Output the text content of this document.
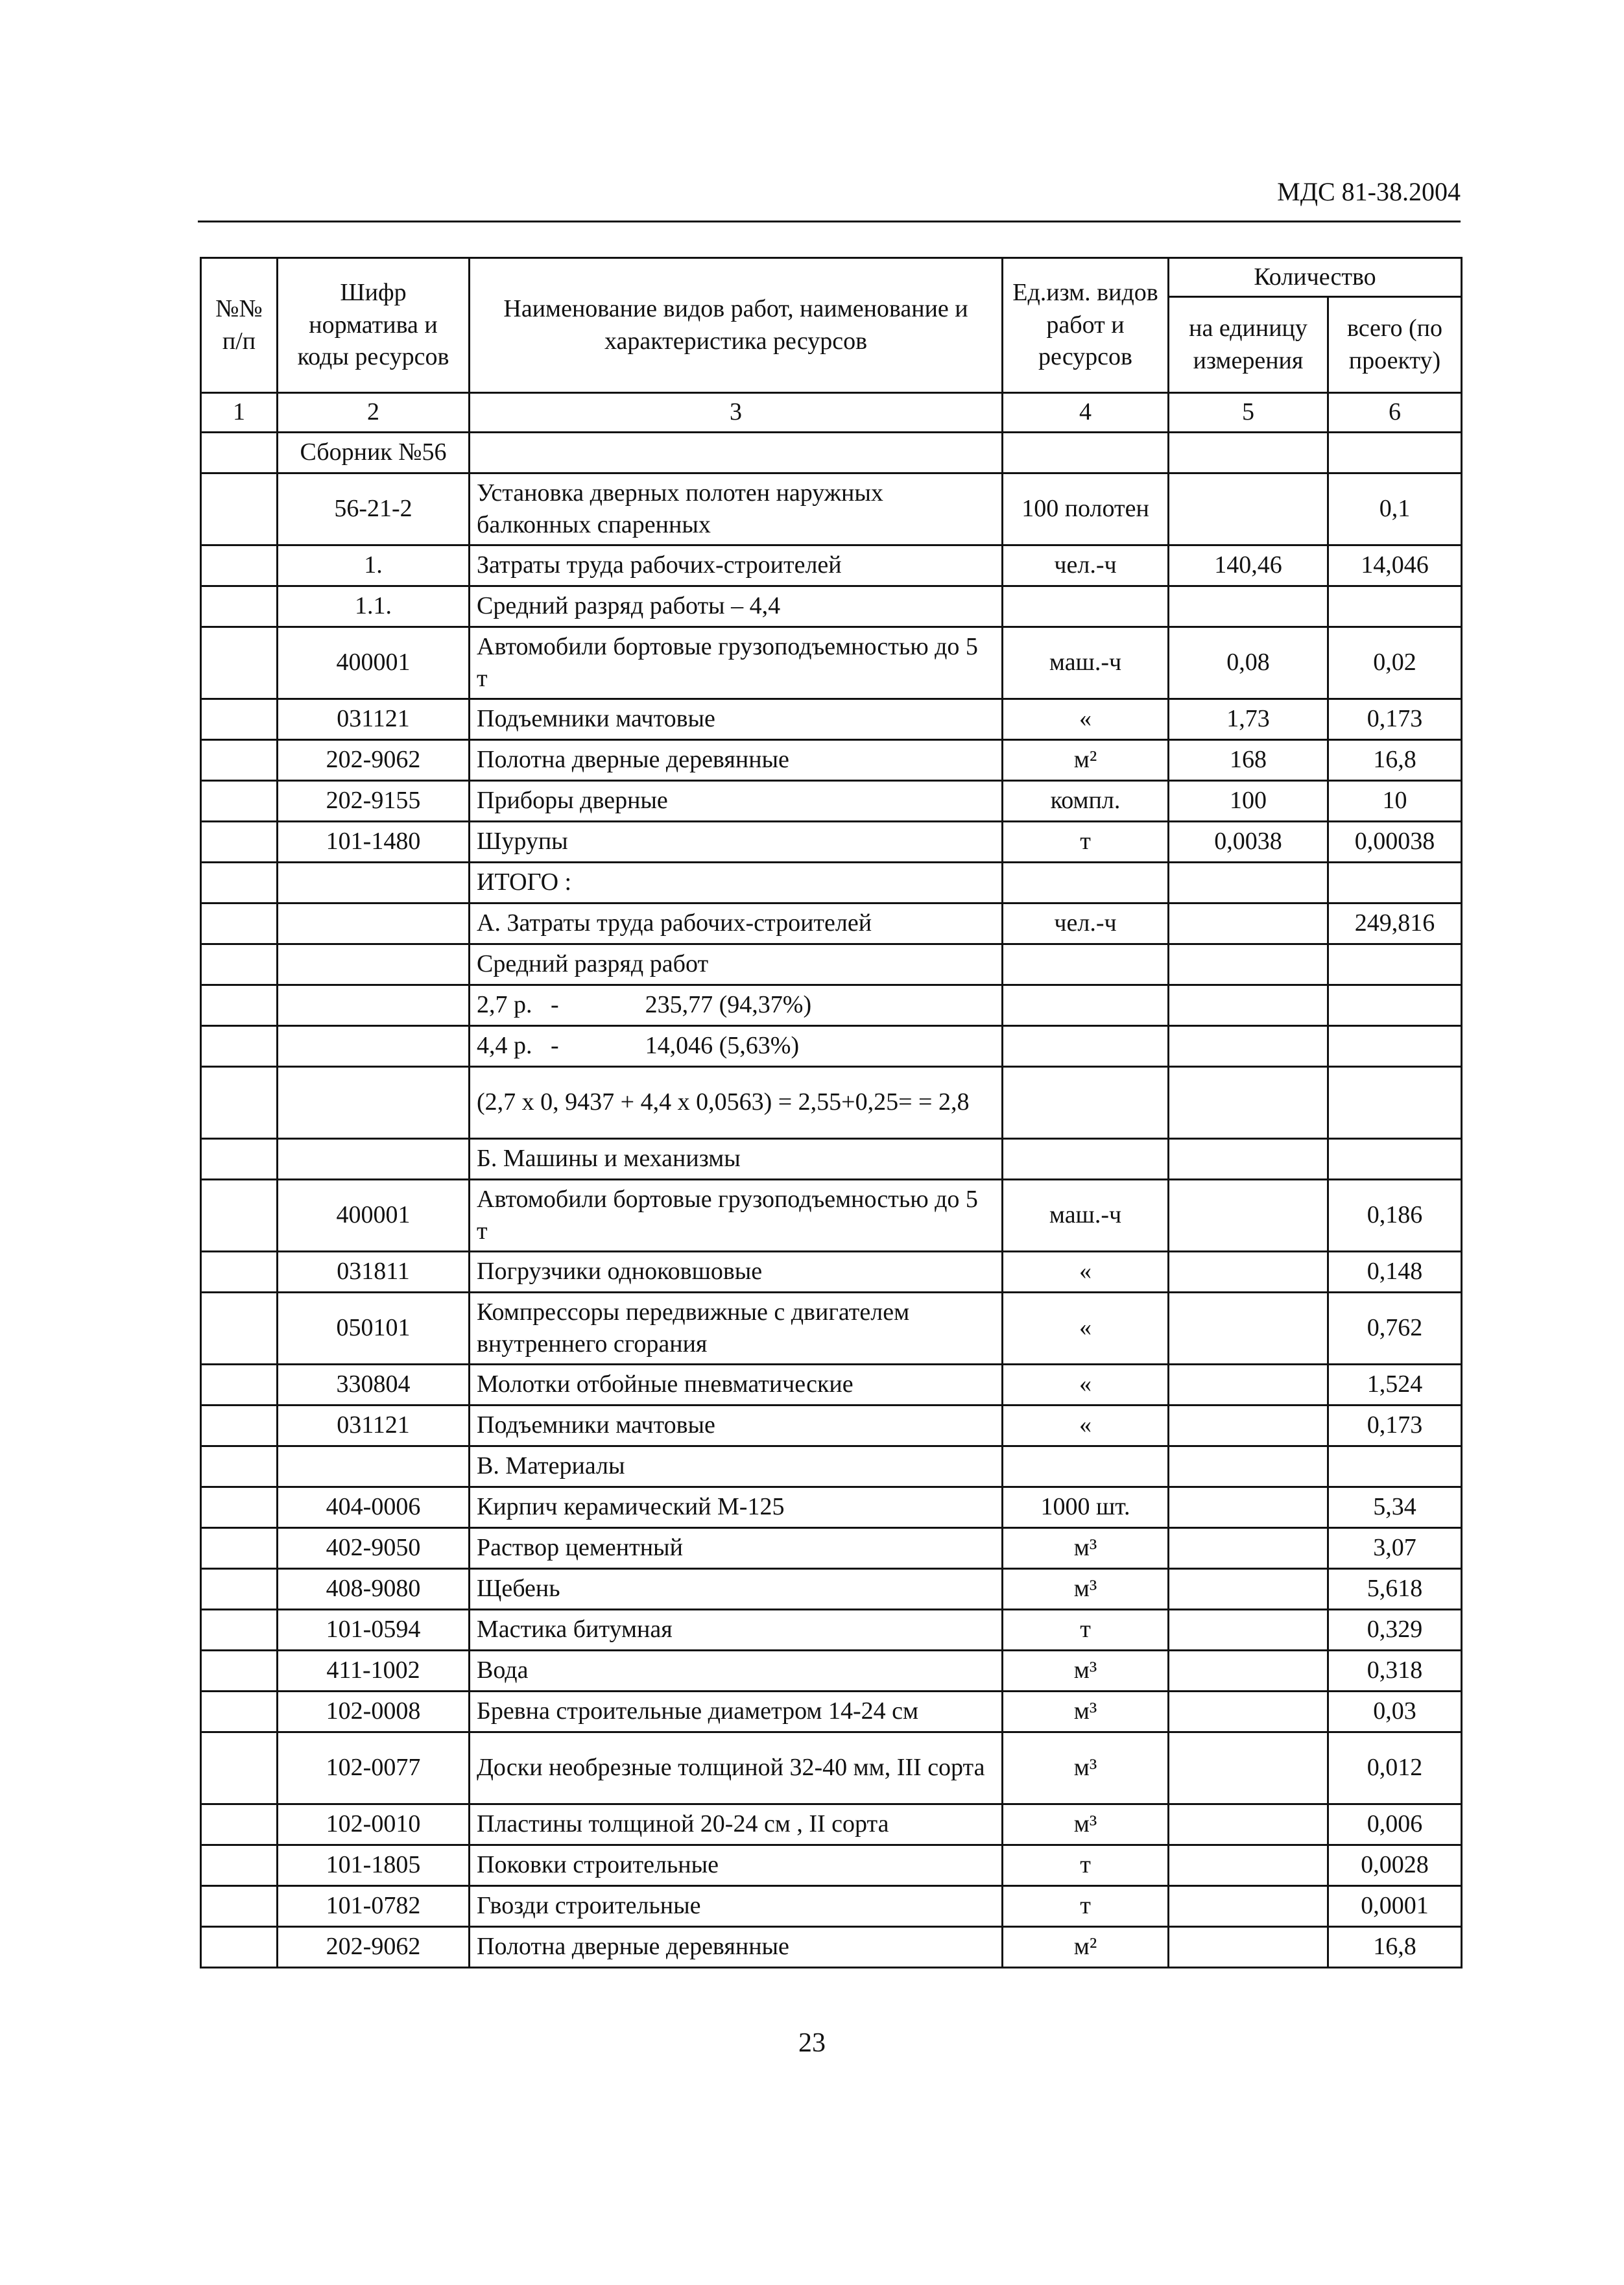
МДС 81-38.2004
№№ п/п	Шифр норматива и коды ресурсов	Наименование видов работ, наименование и характеристика ресурсов	Ед.изм. видов работ и ресурсов	Количество	
				на единицу измерения	всего (по проекту)
1	2	3	4	5	6
	Сборник №56				
	56-21-2	Установка дверных полотен наружных балконных спаренных	100 полотен		0,1
	1.	Затраты труда рабочих-строителей	чел.-ч	140,46	14,046
	1.1.	Средний разряд работы – 4,4			
	400001	Автомобили бортовые грузоподъемностью до 5 т	маш.-ч	0,08	0,02
	031121	Подъемники мачтовые	«	1,73	0,173
	202-9062	Полотна дверные деревянные	м²	168	16,8
	202-9155	Приборы дверные	компл.	100	10
	101-1480	Шурупы	т	0,0038	0,00038
		ИТОГО :			
		А. Затраты труда рабочих-строителей	чел.-ч		249,816
		Средний разряд работ			
		2,7 р.   -              235,77 (94,37%)			
		4,4 р.   -              14,046 (5,63%)			
		(2,7 х 0, 9437 + 4,4 х 0,0563) = 2,55+0,25= = 2,8			
		Б. Машины и механизмы			
	400001	Автомобили бортовые грузоподъемностью до 5 т	маш.-ч		0,186
	031811	Погрузчики одноковшовые	«		0,148
	050101	Компрессоры передвижные с двигателем внутреннего сгорания	«		0,762
	330804	Молотки отбойные пневматические	«		1,524
	031121	Подъемники мачтовые	«		0,173
		В. Материалы			
	404-0006	Кирпич керамический М-125	1000 шт.		5,34
	402-9050	Раствор цементный	м³		3,07
	408-9080	Щебень	м³		5,618
	101-0594	Мастика битумная	т		0,329
	411-1002	Вода	м³		0,318
	102-0008	Бревна строительные диаметром 14-24 см	м³		0,03
	102-0077	Доски необрезные толщиной 32-40 мм, III сорта	м³		0,012
	102-0010	Пластины толщиной 20-24 см , II сорта	м³		0,006
	101-1805	Поковки строительные	т		0,0028
	101-0782	Гвозди строительные	т		0,0001
	202-9062	Полотна дверные деревянные	м²		16,8
23
